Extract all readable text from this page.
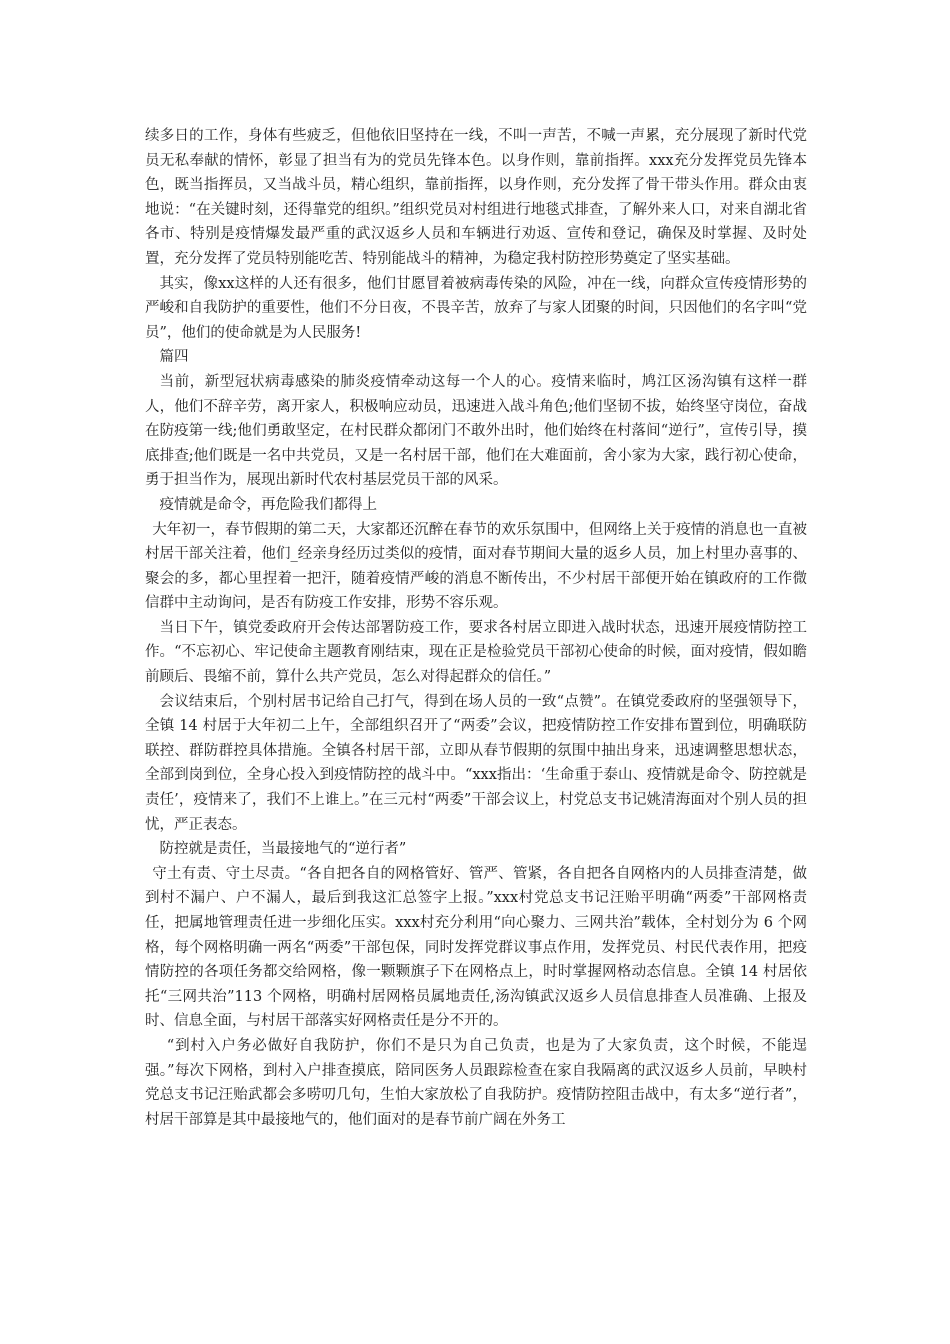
续多日的工作，身体有些疲乏，但他依旧坚持在一线，不叫一声苦，不喊一声累，充分展现了新时代党员无私奉献的情怀，彰显了担当有为的党员先锋本色。以身作则，靠前指挥。xxx充分发挥党员先锋本色，既当指挥员，又当战斗员，精心组织，靠前指挥，以身作则，充分发挥了骨干带头作用。群众由衷地说：“在关键时刻，还得靠党的组织。”组织党员对村组进行地毯式排查，了解外来人口，对来自湖北省各市、特别是疫情爆发最严重的武汉返乡人员和车辆进行劝返、宣传和登记，确保及时掌握、及时处置，充分发挥了党员特别能吃苦、特别能战斗的精神，为稳定我村防控形势奠定了坚实基础。

其实，像xx这样的人还有很多，他们甘愿冒着被病毒传染的风险，冲在一线，向群众宣传疫情形势的严峻和自我防护的重要性，他们不分日夜，不畏辛苦，放弃了与家人团聚的时间，只因他们的名字叫“党员”，他们的使命就是为人民服务!

篇四

当前，新型冠状病毒感染的肺炎疫情牵动这每一个人的心。疫情来临时，鸠江区汤沟镇有这样一群人，他们不辞辛劳，离开家人，积极响应动员，迅速进入战斗角色;他们坚韧不拔，始终坚守岗位，奋战在防疫第一线;他们勇敢坚定，在村民群众都闭门不敢外出时，他们始终在村落间“逆行”，宣传引导，摸底排查;他们既是一名中共党员，又是一名村居干部，他们在大难面前，舍小家为大家，践行初心使命，勇于担当作为，展现出新时代农村基层党员干部的风采。

疫情就是命令，再危险我们都得上

大年初一，春节假期的第二天，大家都还沉醉在春节的欢乐氛围中，但网络上关于疫情的消息也一直被村居干部关注着，他们_经亲身经历过类似的疫情，面对春节期间大量的返乡人员，加上村里办喜事的、聚会的多，都心里捏着一把汗，随着疫情严峻的消息不断传出，不少村居干部便开始在镇政府的工作微信群中主动询问，是否有防疫工作安排，形势不容乐观。

当日下午，镇党委政府开会传达部署防疫工作，要求各村居立即进入战时状态，迅速开展疫情防控工作。“不忘初心、牢记使命主题教育刚结束，现在正是检验党员干部初心使命的时候，面对疫情，假如瞻前顾后、畏缩不前，算什么共产党员，怎么对得起群众的信任。”

会议结束后，个别村居书记给自己打气，得到在场人员的一致“点赞”。在镇党委政府的坚强领导下，全镇 14 村居于大年初二上午，全部组织召开了“两委”会议，把疫情防控工作安排布置到位，明确联防联控、群防群控具体措施。全镇各村居干部，立即从春节假期的氛围中抽出身来，迅速调整思想状态，全部到岗到位，全身心投入到疫情防控的战斗中。“xxx指出：‘生命重于泰山、疫情就是命令、防控就是责任’，疫情来了，我们不上谁上。”在三元村“两委”干部会议上，村党总支书记姚清海面对个别人员的担忧，严正表态。

防控就是责任，当最接地气的“逆行者”

守土有责、守土尽责。“各自把各自的网格管好、管严、管紧，各自把各自网格内的人员排查清楚，做到村不漏户、户不漏人，最后到我这汇总签字上报。”xxx村党总支书记汪贻平明确“两委”干部网格责任，把属地管理责任进一步细化压实。xxx村充分利用“向心聚力、三网共治”载体，全村划分为 6 个网格，每个网格明确一两名“两委”干部包保，同时发挥党群议事点作用，发挥党员、村民代表作用，把疫情防控的各项任务都交给网格，像一颗颗旗子下在网格点上，时时掌握网格动态信息。全镇 14 村居依托“三网共治”113 个网格，明确村居网格员属地责任,汤沟镇武汉返乡人员信息排查人员准确、上报及时、信息全面，与村居干部落实好网格责任是分不开的。

“到村入户务必做好自我防护，你们不是只为自己负责，也是为了大家负责，这个时候，不能逞强。”每次下网格，到村入户排查摸底，陪同医务人员跟踪检查在家自我隔离的武汉返乡人员前，早映村党总支书记汪贻武都会多唠叨几句，生怕大家放松了自我防护。疫情防控阻击战中，有太多“逆行者”，村居干部算是其中最接地气的，他们面对的是春节前广阔在外务工
